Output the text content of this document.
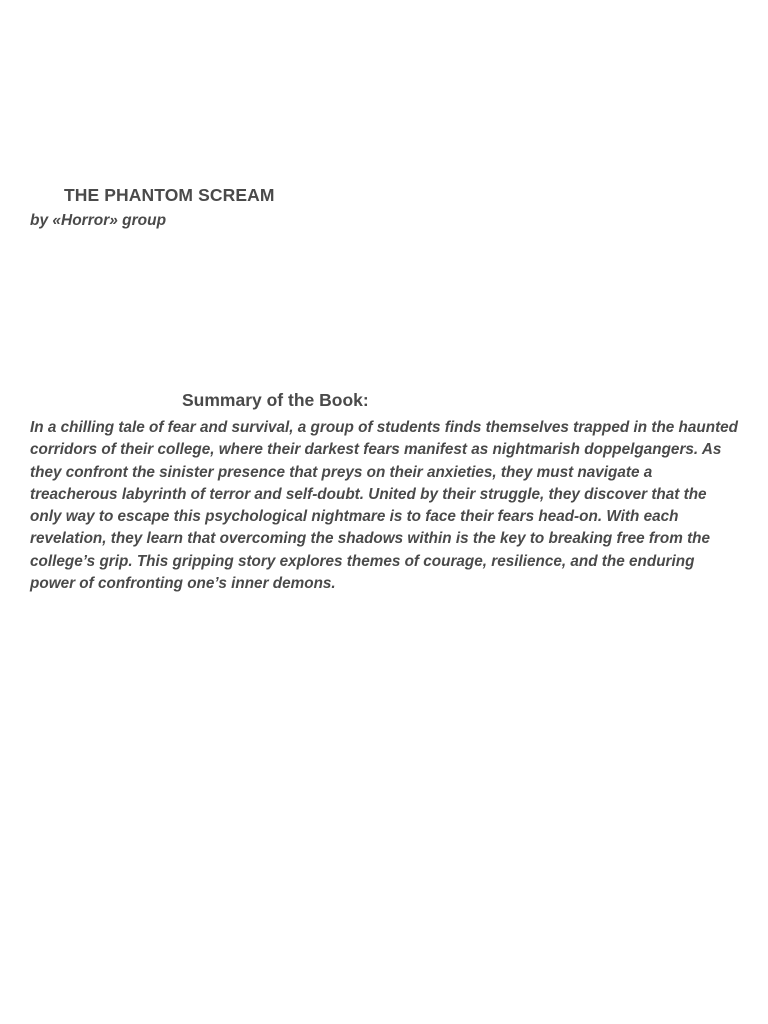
THE PHANTOM SCREAM

by «Horror» group

Summary of the Book:

In a chilling tale of fear and survival, a group of students finds themselves trapped in the haunted corridors of their college, where their darkest fears manifest as nightmarish doppelgangers. As they confront the sinister presence that preys on their anxieties, they must navigate a treacherous labyrinth of terror and self-doubt. United by their struggle, they discover that the only way to escape this psychological nightmare is to face their fears head-on. With each revelation, they learn that overcoming the shadows within is the key to breaking free from the college’s grip. This gripping story explores themes of courage, resilience, and the enduring power of confronting one’s inner demons.
